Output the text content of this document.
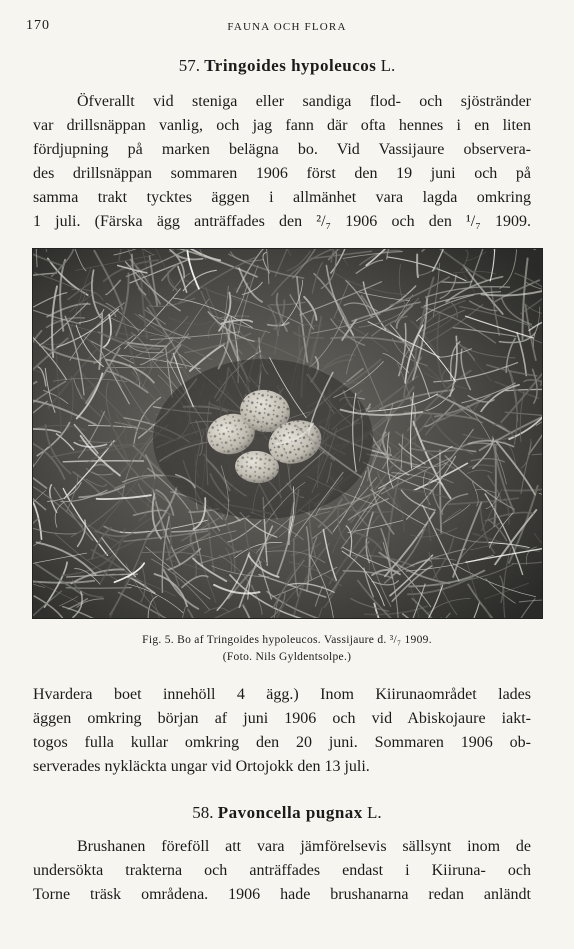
170	FAUNA OCH FLORA
57. Tringoides hypoleucos L.
Öfverallt vid steniga eller sandiga flod- och sjöstränder
var drillsnäppan vanlig, och jag fann där ofta hennes i en liten
fördjupning på marken belägna bo. Vid Vassijaure observera-
des drillsnäppan sommaren 1906 först den 19 juni och på
samma trakt tycktes äggen i allmänhet vara lagda omkring
1 juli. (Färska ägg anträffades den ²/₇ 1906 och den ¹/₇ 1909.
Fig. 5. Bo af Tringoides hypoleucos. Vassijaure d. ³/₇ 1909.
(Foto. Nils Gyldentsolpe.)
Hvardera boet innehöll 4 ägg.) Inom Kiirunaområdet lades
äggen omkring början af juni 1906 och vid Abiskojaure iakt-
togos fulla kullar omkring den 20 juni. Sommaren 1906 ob-
serverades nykläckta ungar vid Ortojokk den 13 juli.
58. Pavoncella pugnax L.
Brushanen föreföll att vara jämförelsevis sällsynt inom de
undersökta trakterna och anträffades endast i Kiiruna- och
Torne träsk områdena. 1906 hade brushanarna redan anländt
